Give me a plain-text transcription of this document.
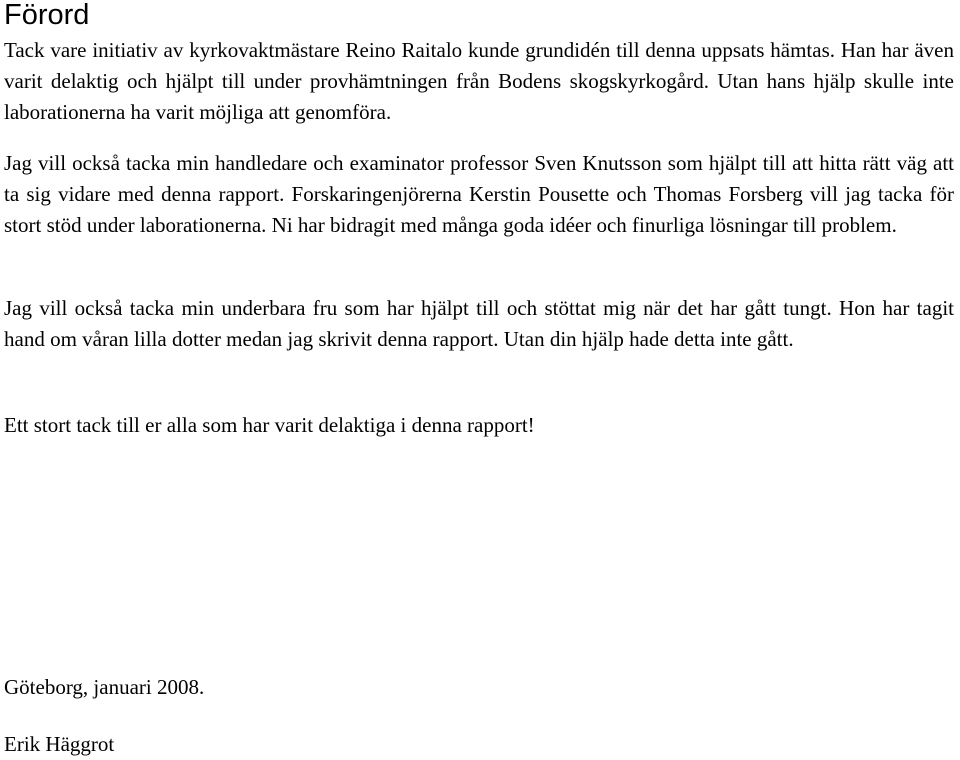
Förord

Tack vare initiativ av kyrkovaktmästare Reino Raitalo kunde grundidén till denna uppsats hämtas. Han har även varit delaktig och hjälpt till under provhämtningen från Bodens skogskyrkogård. Utan hans hjälp skulle inte laborationerna ha varit möjliga att genomföra.

Jag vill också tacka min handledare och examinator professor Sven Knutsson som hjälpt till att hitta rätt väg att ta sig vidare med denna rapport. Forskaringenjörerna Kerstin Pousette och Thomas Forsberg vill jag tacka för stort stöd under laborationerna. Ni har bidragit med många goda idéer och finurliga lösningar till problem.

Jag vill också tacka min underbara fru som har hjälpt till och stöttat mig när det har gått tungt. Hon har tagit hand om våran lilla dotter medan jag skrivit denna rapport. Utan din hjälp hade detta inte gått.

Ett stort tack till er alla som har varit delaktiga i denna rapport!

Göteborg, januari 2008.

Erik Häggrot
